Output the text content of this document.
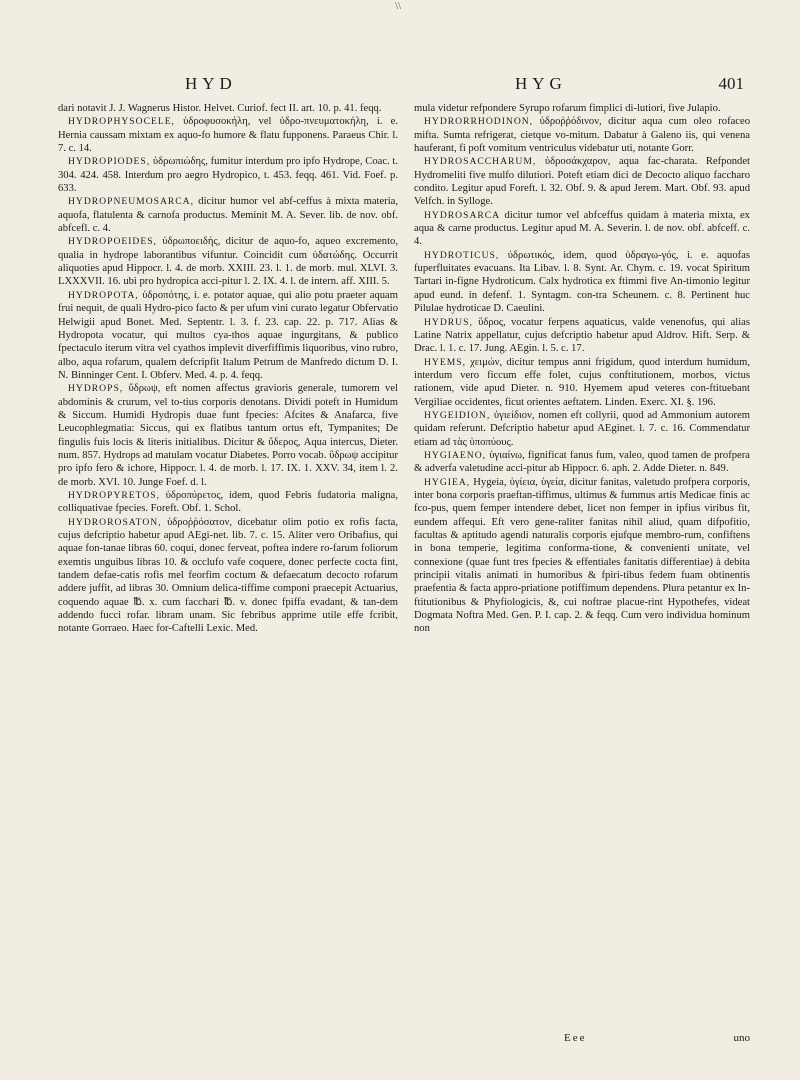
\\
HYD	HYG	401

dari notavit J. J. Wagnerus Histor. Helvet. Curiof. fect II. art. 10. p. 41. feqq.

HYDROPHYSOCELE, ὑδροφυσοκήλη, vel ὑδρο-πνευματοκήλη, i. e. Hernia caussam mixtam ex aquo-fo humore & flatu fupponens. Paraeus Chir. l. 7. c. 14.

HYDROPIODES, ὑδρωπιώδης, fumitur interdum pro ipfo Hydrope, Coac. t. 304. 424. 458. Interdum pro aegro Hydropico, t. 453. feqq. 461. Vid. Foef. p. 633.

HYDROPNEUMOSARCA, dicitur humor vel abf-ceffus à mixta materia, aquofa, flatulenta & carnofa productus. Meminit M. A. Sever. lib. de nov. obf. abfcefl. c. 4.

HYDROPOEIDES, ὑδρωποειδής, dicitur de aquo-fo, aqueo excremento, qualia in hydrope laborantibus vifuntur. Coincidit cum ὑδατώδης. Occurrit aliquoties apud Hippocr. l. 4. de morb. XXIII. 23. l. 1. de morb. mul. XLVI. 3. LXXXVII. 16. ubi pro hydropica acci-pitur l. 2. IX. 4. l. de intern. aff. XIII. 5.

HYDROPOTA, ὑδροπότης, i. e. potator aquae, qui alio potu praeter aquam frui nequit, de quali Hydro-pico facto & per ufum vini curato legatur Obfervatio Helwigii apud Bonet. Med. Septentr. l. 3. f. 23. cap. 22. p. 717. Alias & Hydropota vocatur, qui multos cya-thos aquae ingurgitans, & publico fpectaculo iterum vitra vel cyathos implevit diverfiffimis liquoribus, vino rubro, albo, aqua rofarum, qualem defcripfit Italum Petrum de Manfredo dictum D. I. N. Binninger Cent. I. Obferv. Med. 4. p. 4. feqq.

HYDROPS, ὕδρωψ, eft nomen affectus gravioris generale, tumorem vel abdominis & crurum, vel to-tius corporis denotans. Dividi poteft in Humidum & Siccum. Humidi Hydropis duae funt fpecies: Afcites & Anafarca, five Leucophlegmatia: Siccus, qui ex flatibus tantum ortus eft, Tympanites; De fingulis fuis locis & literis initialibus. Dicitur & ὕδερος, Aqua intercus, Dieter. num. 857. Hydrops ad matulam vocatur Diabetes. Porro vocab. ὕδρωψ accipitur pro ipfo fero & ichore, Hippocr. l. 4. de morb. l. 17. IX. 1. XXV. 34, item l. 2. de morb. XVI. 10. Junge Foef. d. l.

HYDROPYRETOS, ὑδροπύρετος, idem, quod Febris fudatoria maligna, colliquativae fpecies. Foreft. Obf. 1. Schol.

HYDROROSATON, ὑδροῤῥόσατον, dicebatur olim potio ex rofis facta, cujus defcriptio habetur apud AEgi-net. lib. 7. c. 15. Aliter vero Oribafius, qui aquae fon-tanae libras 60. coqui, donec ferveat, poftea indere ro-farum foliorum exemtis unguibus libras 10. & occlufo vafe coquere, donec perfecte cocta fint, tandem defae-catis rofis mel feorfim coctum & defaecatum decocto rofarum addere juffit, ad libras 30. Omnium delica-tiffime componi praecepit Actuarius, coquendo aquae ℔. x. cum facchari ℔. v. donec fpiffa evadant, & tan-dem addendo fucci rofar. libram unam. Sic febribus apprime utile effe fcribit, notante Gorraeo. Haec for-Caftelli Lexic. Med.

mula videtur refpondere Syrupo rofarum fimplici di-lutiori, five Julapio.

HYDRORRHODINON, ὑδροῤῥόδινον, dicitur aqua cum oleo rofaceo mifta. Sumta refrigerat, cietque vo-mitum. Dabatur à Galeno iis, qui venena hauferant, fi poft vomitum ventriculus videbatur uti, notante Gorr.

HYDROSACCHARUM, ὑδροσάκχαρον, aqua fac-charata. Refpondet Hydromeliti five mulfo dilutiori. Poteft etiam dici de Decocto aliquo faccharo condito. Legitur apud Foreft. l. 32. Obf. 9. & apud Jerem. Mart. Obf. 93. apud Velfch. in Sylloge.

HYDROSARCA dicitur tumor vel abfceffus quidam à materia mixta, ex aqua & carne productus. Legitur apud M. A. Severin. l. de nov. obf. abfceff. c. 4.

HYDROTICUS, ὑδρωτικός, idem, quod ὑδραγω-γός, i. e. aquofas fuperfluitates evacuans. Ita Libav. l. 8. Synt. Ar. Chym. c. 19. vocat Spiritum Tartari in-figne Hydroticum. Calx hydrotica ex ftimmi five An-timonio legitur apud eund. in defenf. 1. Syntagm. con-tra Scheunem. c. 8. Pertinent huc Pilulae hydroticae D. Caeulini.

HYDRUS, ὕδρος, vocatur ferpens aquaticus, valde venenofus, qui alias Latine Natrix appellatur, cujus defcriptio habetur apud Aldrov. Hift. Serp. & Drac. l. 1. c. 17. Jung. AEgin. l. 5. c. 17.

HYEMS, χειμών, dicitur tempus anni frigidum, quod interdum humidum, interdum vero ficcum effe folet, cujus conftitutionem, morbos, victus rationem, vide apud Dieter. n. 910. Hyemem apud veteres con-ftituebant Vergiliae occidentes, ficut orientes aeftatem. Linden. Exerc. XI. §. 196.

HYGEIDION, ὑγιείδιον, nomen eft collyrii, quod ad Ammonium autorem quidam referunt. Defcriptio habetur apud AEginet. l. 7. c. 16. Commendatur etiam ad τὰς ὑποπύους.

HYGIAENO, ὑγιαίνω, fignificat fanus fum, valeo, quod tamen de profpera & adverfa valetudine acci-pitur ab Hippocr. 6. aph. 2. Adde Dieter. n. 849.

HYGIEA, Hygeia, ὑγίεια, ὑγεία, dicitur fanitas, valetudo profpera corporis, inter bona corporis praeftan-tiffimus, ultimus & fummus artis Medicae finis ac fco-pus, quem femper intendere debet, licet non femper in ipfius viribus fit, eundem affequi. Eft vero gene-raliter fanitas nihil aliud, quam difpofitio, facultas & aptitudo agendi naturalis corporis ejufque membro-rum, confiftens in bona temperie, legitima conforma-tione, & convenienti unitate, vel connexione (quae funt tres fpecies & effentiales fanitatis differentiae) à debita principii vitalis animati in humoribus & fpiri-tibus fedem fuam obtinentis praefentia & facta appro-priatione potiffimum dependens. Plura petantur ex In-ftitutionibus & Phyfiologicis, &, cui noftrae placue-rint Hypothefes, videat Dogmata Noftra Med. Gen. P. I. cap. 2. & feqq. Cum vero individua hominum non

Eee	uno
